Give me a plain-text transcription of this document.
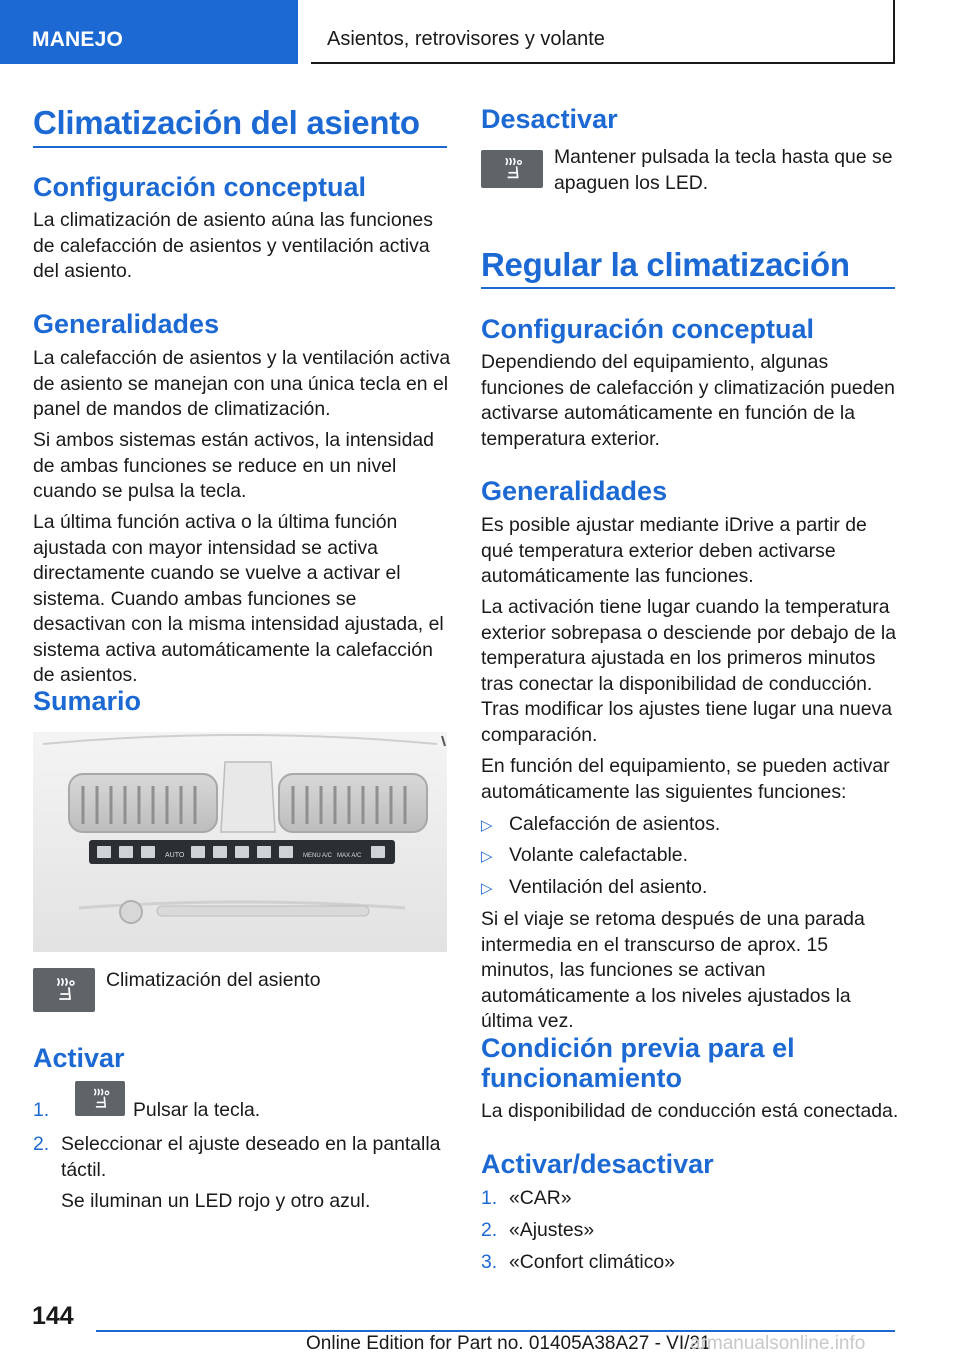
MANEJO	Asientos, retrovisores y volante
Climatización del asiento
Configuración conceptual

La climatización de asiento aúna las funciones de calefacción de asientos y ventilación activa del asiento.

Generalidades

La calefacción de asientos y la ventilación activa de asiento se manejan con una única tecla en el panel de mandos de climatización.

Si ambos sistemas están activos, la intensidad de ambas funciones se reduce en un nivel cuando se pulsa la tecla.

La última función activa o la última función ajustada con mayor intensidad se activa directamente cuando se vuelve a activar el sistema. Cuando ambas funciones se desactivan con la misma intensidad ajustada, el sistema activa automáticamente la calefacción de asientos.

Sumario
AUTO	MENU A/C MAX A/C

Climatización del asiento

Activar
1.	Pulsar la tecla.
2. Seleccionar el ajuste deseado en la pantalla táctil.

Se iluminan un LED rojo y otro azul.

Desactivar

Mantener pulsada la tecla hasta que se apaguen los LED.

Regular la climatización
Configuración conceptual

Dependiendo del equipamiento, algunas funciones de calefacción y climatización pueden activarse automáticamente en función de la temperatura exterior.

Generalidades

Es posible ajustar mediante iDrive a partir de qué temperatura exterior deben activarse automáticamente las funciones.

La activación tiene lugar cuando la temperatura exterior sobrepasa o desciende por debajo de la temperatura ajustada en los primeros minutos tras conectar la disponibilidad de conducción. Tras modificar los ajustes tiene lugar una nueva comparación.

En función del equipamiento, se pueden activar automáticamente las siguientes funciones:

▷ Calefacción de asientos.
▷ Volante calefactable.
▷ Ventilación del asiento.

Si el viaje se retoma después de una parada intermedia en el transcurso de aprox. 15 minutos, las funciones se activan automáticamente a los niveles ajustados la última vez.

Condición previa para el
funcionamiento

La disponibilidad de conducción está conectada.

Activar/desactivar
1. «CAR»
2. «Ajustes»
3. «Confort climático»
144
Online Edition for Part no. 01405A38A27 - VI/21
armanualsonline.info
